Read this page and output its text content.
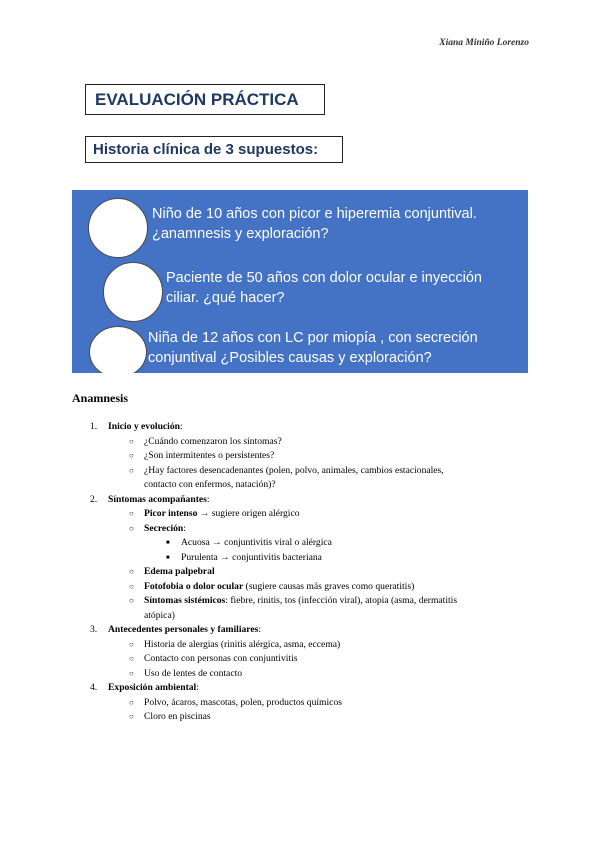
Xiana Miniño Lorenzo
EVALUACIÓN PRÁCTICA
Historia clínica de 3 supuestos:
Niño de 10 años con picor e hiperemia conjuntival.
¿anamnesis y exploración?
Paciente de 50 años con dolor ocular e inyección
ciliar. ¿qué hacer?
Niña de 12 años con LC por miopía , con secreción
conjuntival ¿Posibles causas y exploración?
Anamnesis
1. Inicio y evolución:
○ ¿Cuándo comenzaron los síntomas?
○ ¿Son intermitentes o persistentes?
○ ¿Hay factores desencadenantes (polen, polvo, animales, cambios estacionales,
contacto con enfermos, natación)?
2. Síntomas acompañantes:
○ Picor intenso → sugiere origen alérgico
○ Secreción:
■ Acuosa → conjuntivitis viral o alérgica
■ Purulenta → conjuntivitis bacteriana
○ Edema palpebral
○ Fotofobia o dolor ocular (sugiere causas más graves como queratitis)
○ Síntomas sistémicos: fiebre, rinitis, tos (infección viral), atopia (asma, dermatitis
atópica)
3. Antecedentes personales y familiares:
○ Historia de alergias (rinitis alérgica, asma, eccema)
○ Contacto con personas con conjuntivitis
○ Uso de lentes de contacto
4. Exposición ambiental:
○ Polvo, ácaros, mascotas, polen, productos químicos
○ Cloro en piscinas
